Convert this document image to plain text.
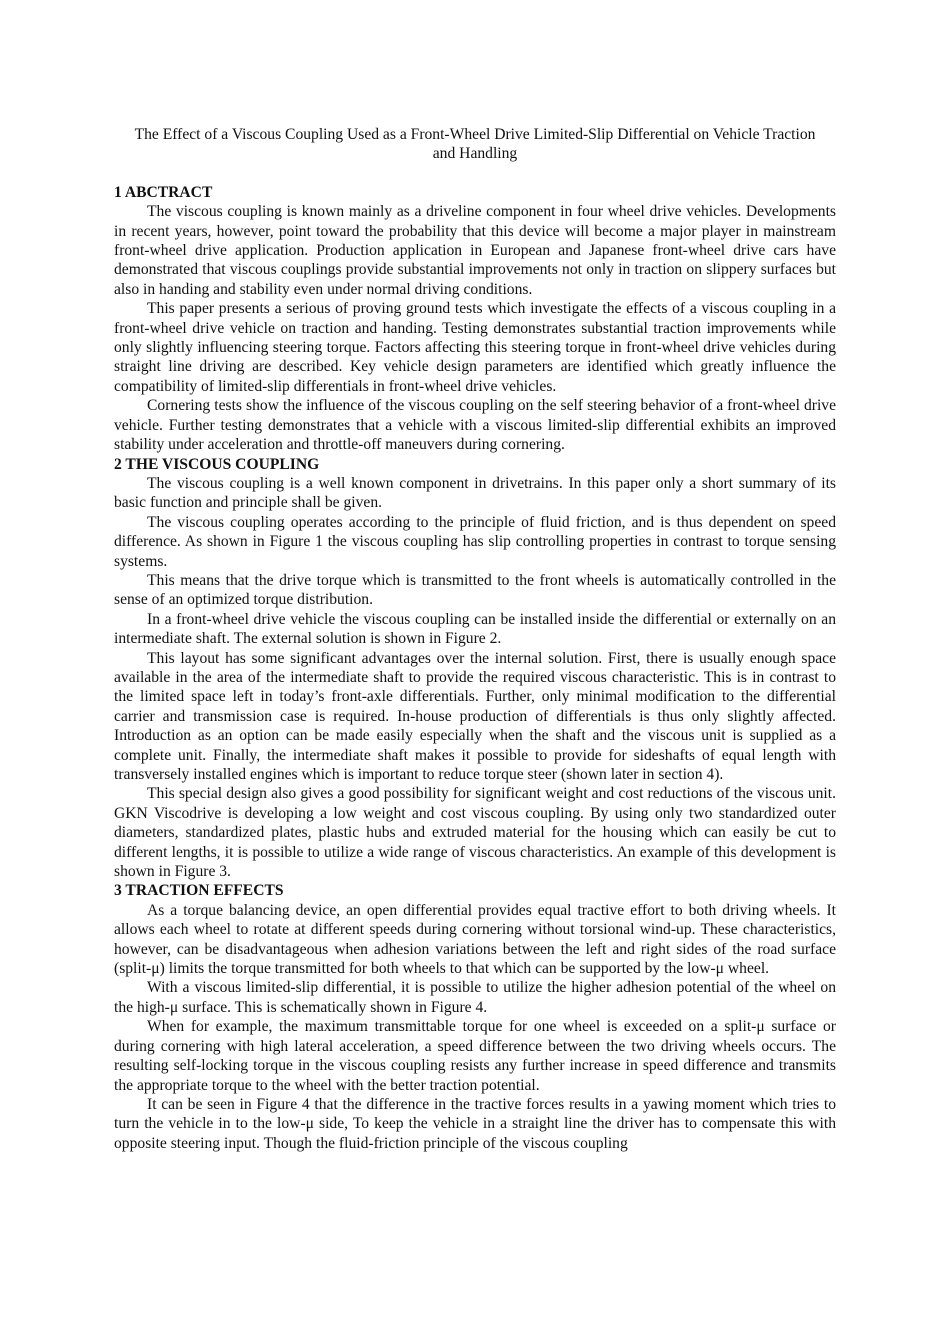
The Effect of a Viscous Coupling Used as a Front-Wheel Drive Limited-Slip Differential on Vehicle Traction and Handling

1 ABCTRACT

The viscous coupling is known mainly as a driveline component in four wheel drive vehicles. Developments in recent years, however, point toward the probability that this device will become a major player in mainstream front-wheel drive application. Production application in European and Japanese front-wheel drive cars have demonstrated that viscous couplings provide substantial improvements not only in traction on slippery surfaces but also in handing and stability even under normal driving conditions.

This paper presents a serious of proving ground tests which investigate the effects of a viscous coupling in a front-wheel drive vehicle on traction and handing. Testing demonstrates substantial traction improvements while only slightly influencing steering torque. Factors affecting this steering torque in front-wheel drive vehicles during straight line driving are described. Key vehicle design parameters are identified which greatly influence the compatibility of limited-slip differentials in front-wheel drive vehicles.

Cornering tests show the influence of the viscous coupling on the self steering behavior of a front-wheel drive vehicle. Further testing demonstrates that a vehicle with a viscous limited-slip differential exhibits an improved stability under acceleration and throttle-off maneuvers during cornering.

2 THE VISCOUS COUPLING

The viscous coupling is a well known component in drivetrains. In this paper only a short summary of its basic function and principle shall be given.

The viscous coupling operates according to the principle of fluid friction, and is thus dependent on speed difference. As shown in Figure 1 the viscous coupling has slip controlling properties in contrast to torque sensing systems.

This means that the drive torque which is transmitted to the front wheels is automatically controlled in the sense of an optimized torque distribution.

In a front-wheel drive vehicle the viscous coupling can be installed inside the differential or externally on an intermediate shaft. The external solution is shown in Figure 2.

This layout has some significant advantages over the internal solution. First, there is usually enough space available in the area of the intermediate shaft to provide the required viscous characteristic. This is in contrast to the limited space left in today’s front-axle differentials. Further, only minimal modification to the differential carrier and transmission case is required. In-house production of differentials is thus only slightly affected. Introduction as an option can be made easily especially when the shaft and the viscous unit is supplied as a complete unit. Finally, the intermediate shaft makes it possible to provide for sideshafts of equal length with transversely installed engines which is important to reduce torque steer (shown later in section 4).

This special design also gives a good possibility for significant weight and cost reductions of the viscous unit. GKN Viscodrive is developing a low weight and cost viscous coupling. By using only two standardized outer diameters, standardized plates, plastic hubs and extruded material for the housing which can easily be cut to different lengths, it is possible to utilize a wide range of viscous characteristics. An example of this development is shown in Figure 3.

3 TRACTION EFFECTS

As a torque balancing device, an open differential provides equal tractive effort to both driving wheels. It allows each wheel to rotate at different speeds during cornering without torsional wind-up. These characteristics, however, can be disadvantageous when adhesion variations between the left and right sides of the road surface (split-μ) limits the torque transmitted for both wheels to that which can be supported by the low-μ wheel.

With a viscous limited-slip differential, it is possible to utilize the higher adhesion potential of the wheel on the high-μ surface. This is schematically shown in Figure 4.

When for example, the maximum transmittable torque for one wheel is exceeded on a split-μ surface or during cornering with high lateral acceleration, a speed difference between the two driving wheels occurs. The resulting self-locking torque in the viscous coupling resists any further increase in speed difference and transmits the appropriate torque to the wheel with the better traction potential.

It can be seen in Figure 4 that the difference in the tractive forces results in a yawing moment which tries to turn the vehicle in to the low-μ side, To keep the vehicle in a straight line the driver has to compensate this with opposite steering input. Though the fluid-friction principle of the viscous coupling
